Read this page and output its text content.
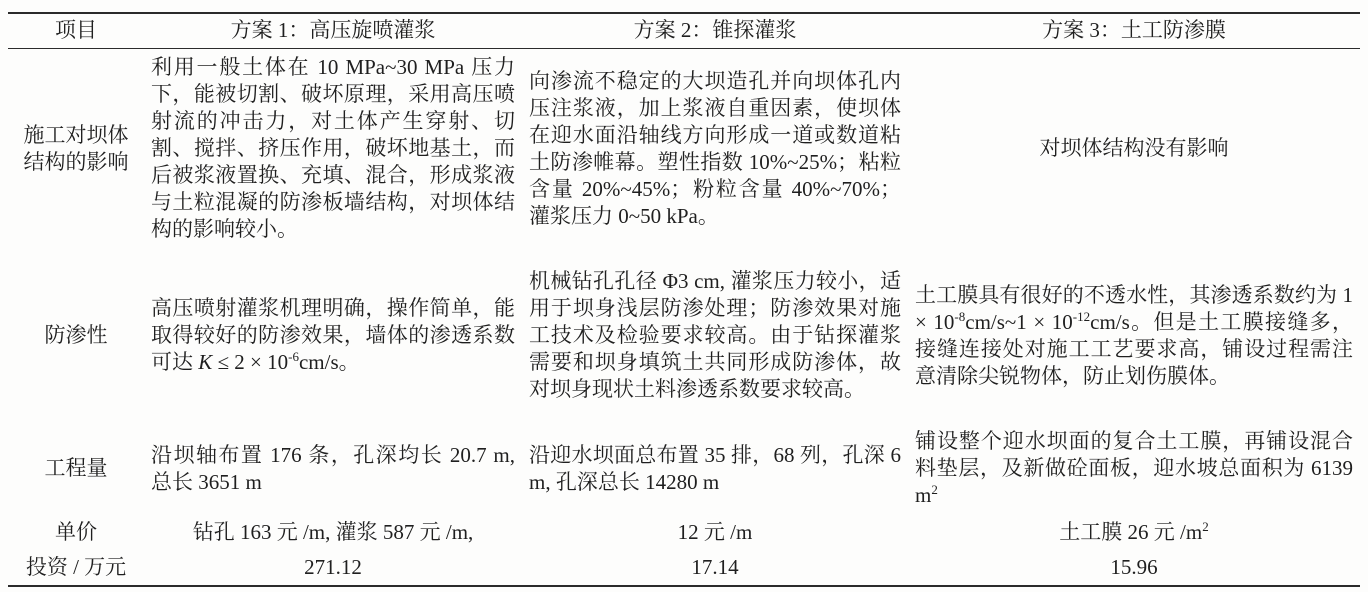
项目	方案 1：高压旋喷灌浆	方案 2：锥探灌浆	方案 3：土工防渗膜
施工对坝体结构的影响	利用一般土体在 10 MPa~30 MPa 压力下，能被切割、破坏原理，采用高压喷射流的冲击力，对土体产生穿射、切割、搅拌、挤压作用，破坏地基土，而后被浆液置换、充填、混合，形成浆液与土粒混凝的防渗板墙结构，对坝体结构的影响较小。	向渗流不稳定的大坝造孔并向坝体孔内压注浆液，加上浆液自重因素，使坝体在迎水面沿轴线方向形成一道或数道粘土防渗帷幕。塑性指数 10%~25%；粘粒含量 20%~45%；粉粒含量 40%~70%；灌浆压力 0~50 kPa。	对坝体结构没有影响
防渗性	高压喷射灌浆机理明确，操作简单，能取得较好的防渗效果，墙体的渗透系数可达 $K \le 2 \times 10^{-6}cm/s$。	机械钻孔孔径 Φ3 cm, 灌浆压力较小，适用于坝身浅层防渗处理；防渗效果对施工技术及检验要求较高。由于钻探灌浆需要和坝身填筑土共同形成防渗体，故对坝身现状土料渗透系数要求较高。	土工膜具有很好的不透水性，其渗透系数约为 $1 \times 10^{-8}cm/s\sim 1 \times 10^{-12}cm/s$。但是土工膜接缝多，接缝连接处对施工工艺要求高，铺设过程需注意清除尖锐物体，防止划伤膜体。
工程量	沿坝轴布置 176 条，孔深均长 20.7 m, 总长 3651 m	沿迎水坝面总布置 35 排，68 列，孔深 6 m, 孔深总长 14280 m	铺设整个迎水坝面的复合土工膜，再铺设混合料垫层，及新做砼面板，迎水坡总面积为 6139 $m^2$
单价	钻孔 163 元 /m, 灌浆 587 元 /m,	12 元 /m	土工膜 26 元 $/m^2$
投资 / 万元	271.12	17.14	15.96
